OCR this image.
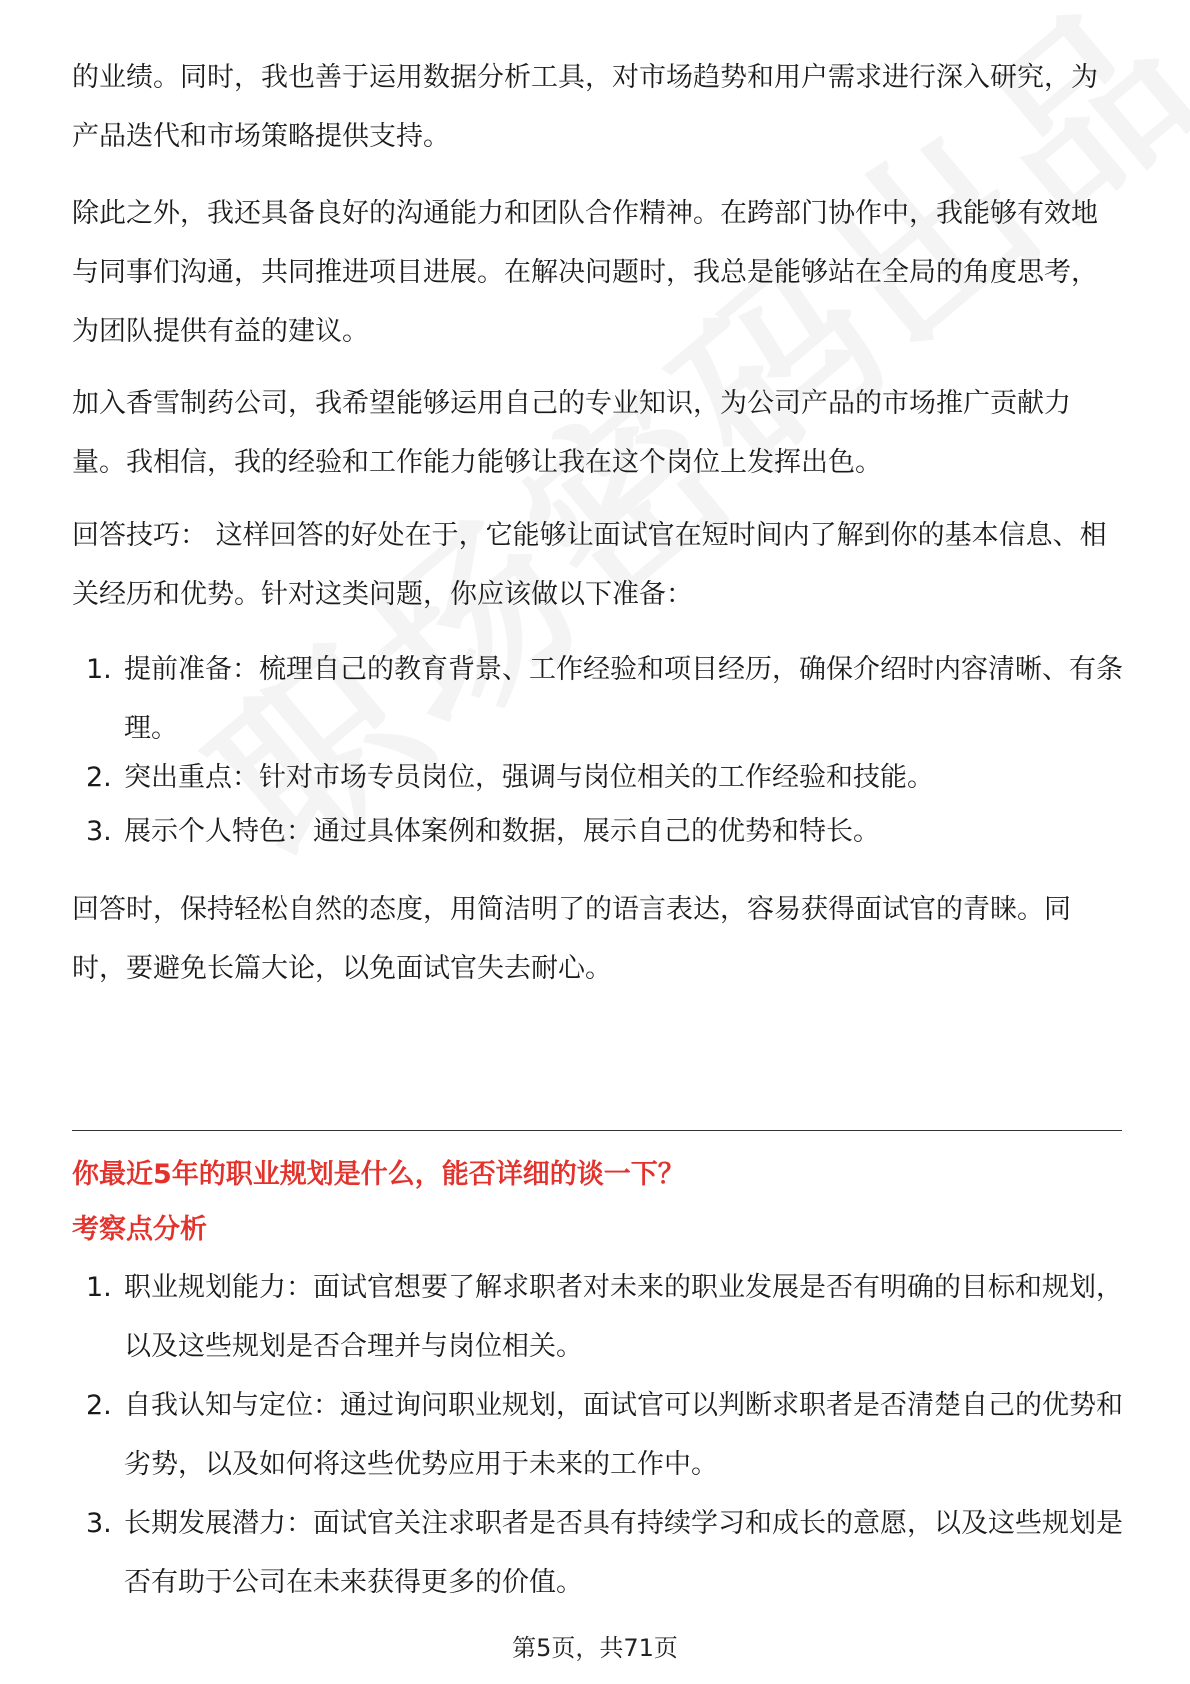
的业绩。同时，我也善于运用数据分析工具，对市场趋势和用户需求进行深入研究，为产品迭代和市场策略提供支持。

除此之外，我还具备良好的沟通能力和团队合作精神。在跨部门协作中，我能够有效地与同事们沟通，共同推进项目进展。在解决问题时，我总是能够站在全局的角度思考，为团队提供有益的建议。

加入香雪制药公司，我希望能够运用自己的专业知识，为公司产品的市场推广贡献力量。我相信，我的经验和工作能力能够让我在这个岗位上发挥出色。

回答技巧： 这样回答的好处在于，它能够让面试官在短时间内了解到你的基本信息、相关经历和优势。针对这类问题，你应该做以下准备：

1. 提前准备：梳理自己的教育背景、工作经验和项目经历，确保介绍时内容清晰、有条理。
2. 突出重点：针对市场专员岗位，强调与岗位相关的工作经验和技能。
3. 展示个人特色：通过具体案例和数据，展示自己的优势和特长。

回答时，保持轻松自然的态度，用简洁明了的语言表达，容易获得面试官的青睐。同时，要避免长篇大论，以免面试官失去耐心。

你最近5年的职业规划是什么，能否详细的谈一下？
考察点分析
1. 职业规划能力：面试官想要了解求职者对未来的职业发展是否有明确的目标和规划，以及这些规划是否合理并与岗位相关。
2. 自我认知与定位：通过询问职业规划，面试官可以判断求职者是否清楚自己的优势和劣势，以及如何将这些优势应用于未来的工作中。
3. 长期发展潜力：面试官关注求职者是否具有持续学习和成长的意愿，以及这些规划是否有助于公司在未来获得更多的价值。
第5页，共71页
